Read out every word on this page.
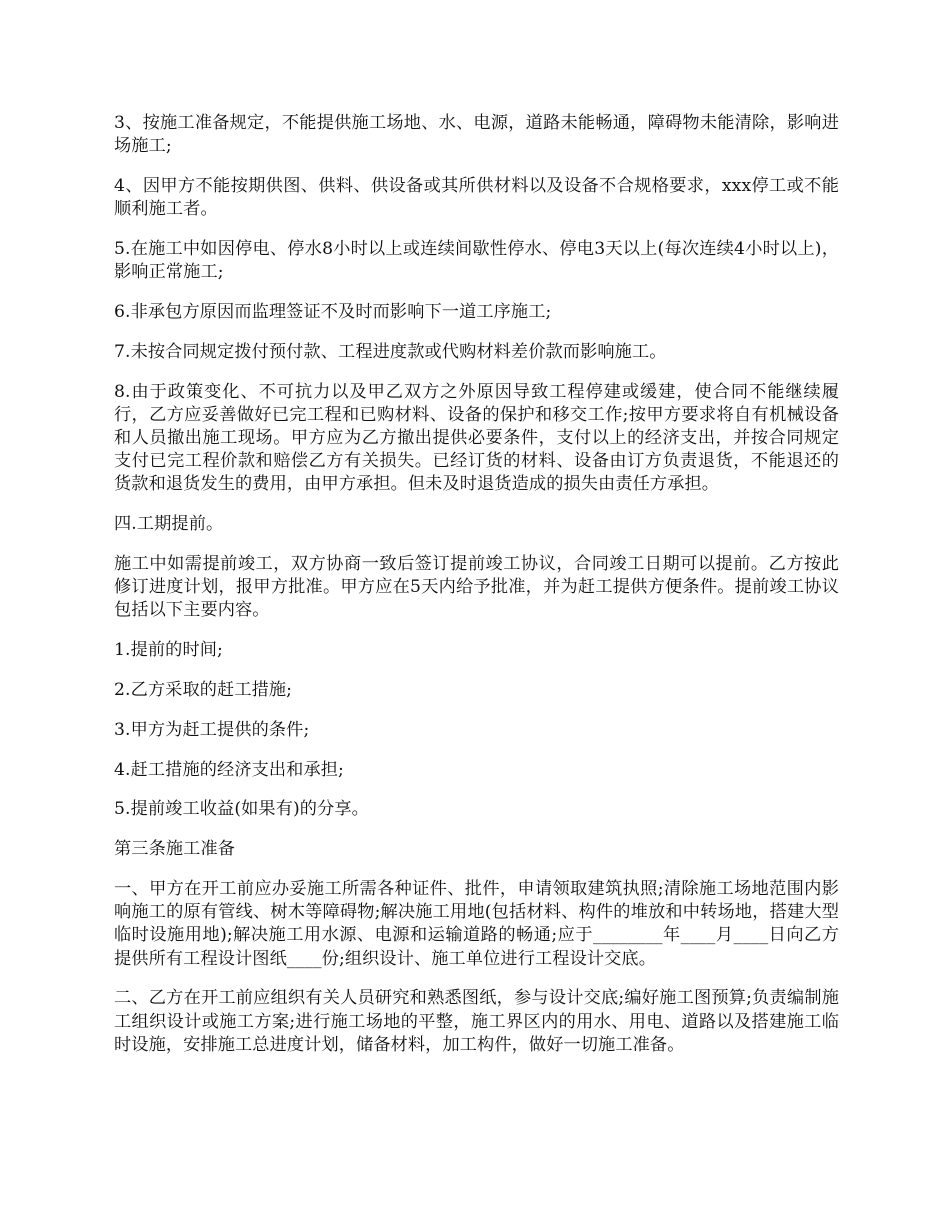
3、按施工准备规定，不能提供施工场地、水、电源，道路未能畅通，障碍物未能清除，影响进场施工;

4、因甲方不能按期供图、供料、供设备或其所供材料以及设备不合规格要求，xxx停工或不能顺利施工者。

5.在施工中如因停电、停水8小时以上或连续间歇性停水、停电3天以上(每次连续4小时以上)，影响正常施工;

6.非承包方原因而监理签证不及时而影响下一道工序施工;

7.未按合同规定拨付预付款、工程进度款或代购材料差价款而影响施工。

8.由于政策变化、不可抗力以及甲乙双方之外原因导致工程停建或缓建，使合同不能继续履行，乙方应妥善做好已完工程和已购材料、设备的保护和移交工作;按甲方要求将自有机械设备和人员撤出施工现场。甲方应为乙方撤出提供必要条件，支付以上的经济支出，并按合同规定支付已完工程价款和赔偿乙方有关损失。已经订货的材料、设备由订方负责退货，不能退还的货款和退货发生的费用，由甲方承担。但未及时退货造成的损失由责任方承担。

四.工期提前。

施工中如需提前竣工，双方协商一致后签订提前竣工协议，合同竣工日期可以提前。乙方按此修订进度计划，报甲方批准。甲方应在5天内给予批准，并为赶工提供方便条件。提前竣工协议包括以下主要内容。

1.提前的时间;

2.乙方采取的赶工措施;

3.甲方为赶工提供的条件;

4.赶工措施的经济支出和承担;

5.提前竣工收益(如果有)的分享。

第三条施工准备

一、甲方在开工前应办妥施工所需各种证件、批件，申请领取建筑执照;清除施工场地范围内影响施工的原有管线、树木等障碍物;解决施工用地(包括材料、构件的堆放和中转场地，搭建大型临时设施用地);解决施工用水源、电源和运输道路的畅通;应于________年____月____日向乙方提供所有工程设计图纸____份;组织设计、施工单位进行工程设计交底。

二、乙方在开工前应组织有关人员研究和熟悉图纸，参与设计交底;编好施工图预算;负责编制施工组织设计或施工方案;进行施工场地的平整，施工界区内的用水、用电、道路以及搭建施工临时设施，安排施工总进度计划，储备材料，加工构件，做好一切施工准备。
